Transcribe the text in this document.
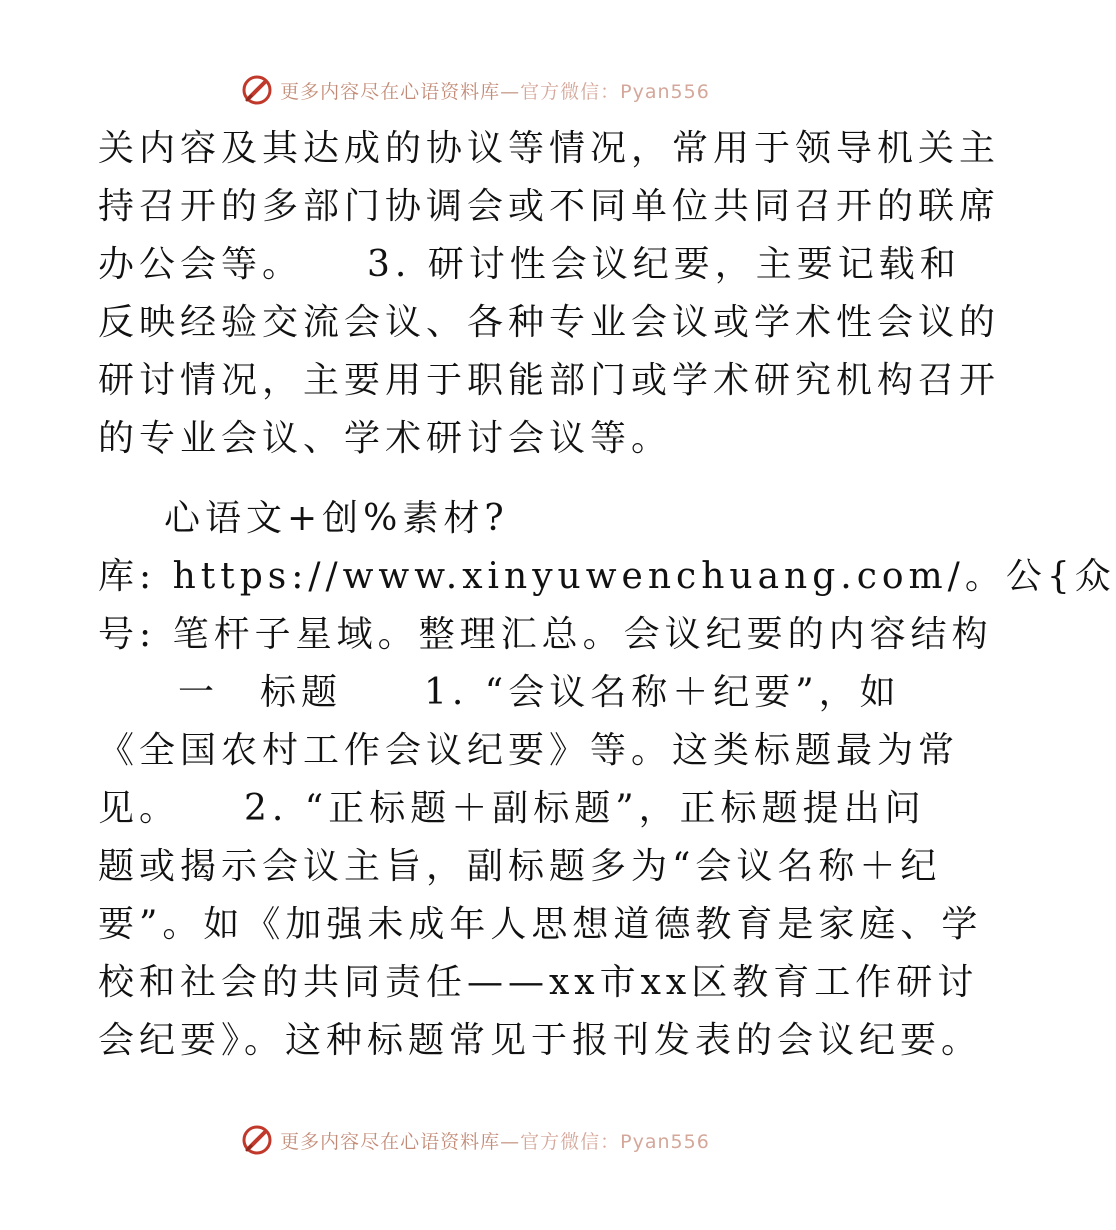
更多内容尽在心语资料库—官方微信：Pyan556
关内容及其达成的协议等情况，常用于领导机关主
持召开的多部门协调会或不同单位共同召开的联席
办公会等。　　3. 研讨性会议纪要，主要记载和
反映经验交流会议、各种专业会议或学术性会议的
研讨情况，主要用于职能部门或学术研究机构召开
的专业会议、学术研讨会议等。
心语文+创%素材?
库: https://www.xinyuwenchuang.com/。公{众
号: 笔杆子星域。整理汇总。会议纪要的内容结构
一　标题　　1. “会议名称＋纪要”，如
《全国农村工作会议纪要》等。这类标题最为常
见。　　2. “正标题＋副标题”，正标题提出问
题或揭示会议主旨，副标题多为“会议名称＋纪
要”。如《加强未成年人思想道德教育是家庭、学
校和社会的共同责任——xx市xx区教育工作研讨
会纪要》。这种标题常见于报刊发表的会议纪要。
更多内容尽在心语资料库—官方微信：Pyan556
